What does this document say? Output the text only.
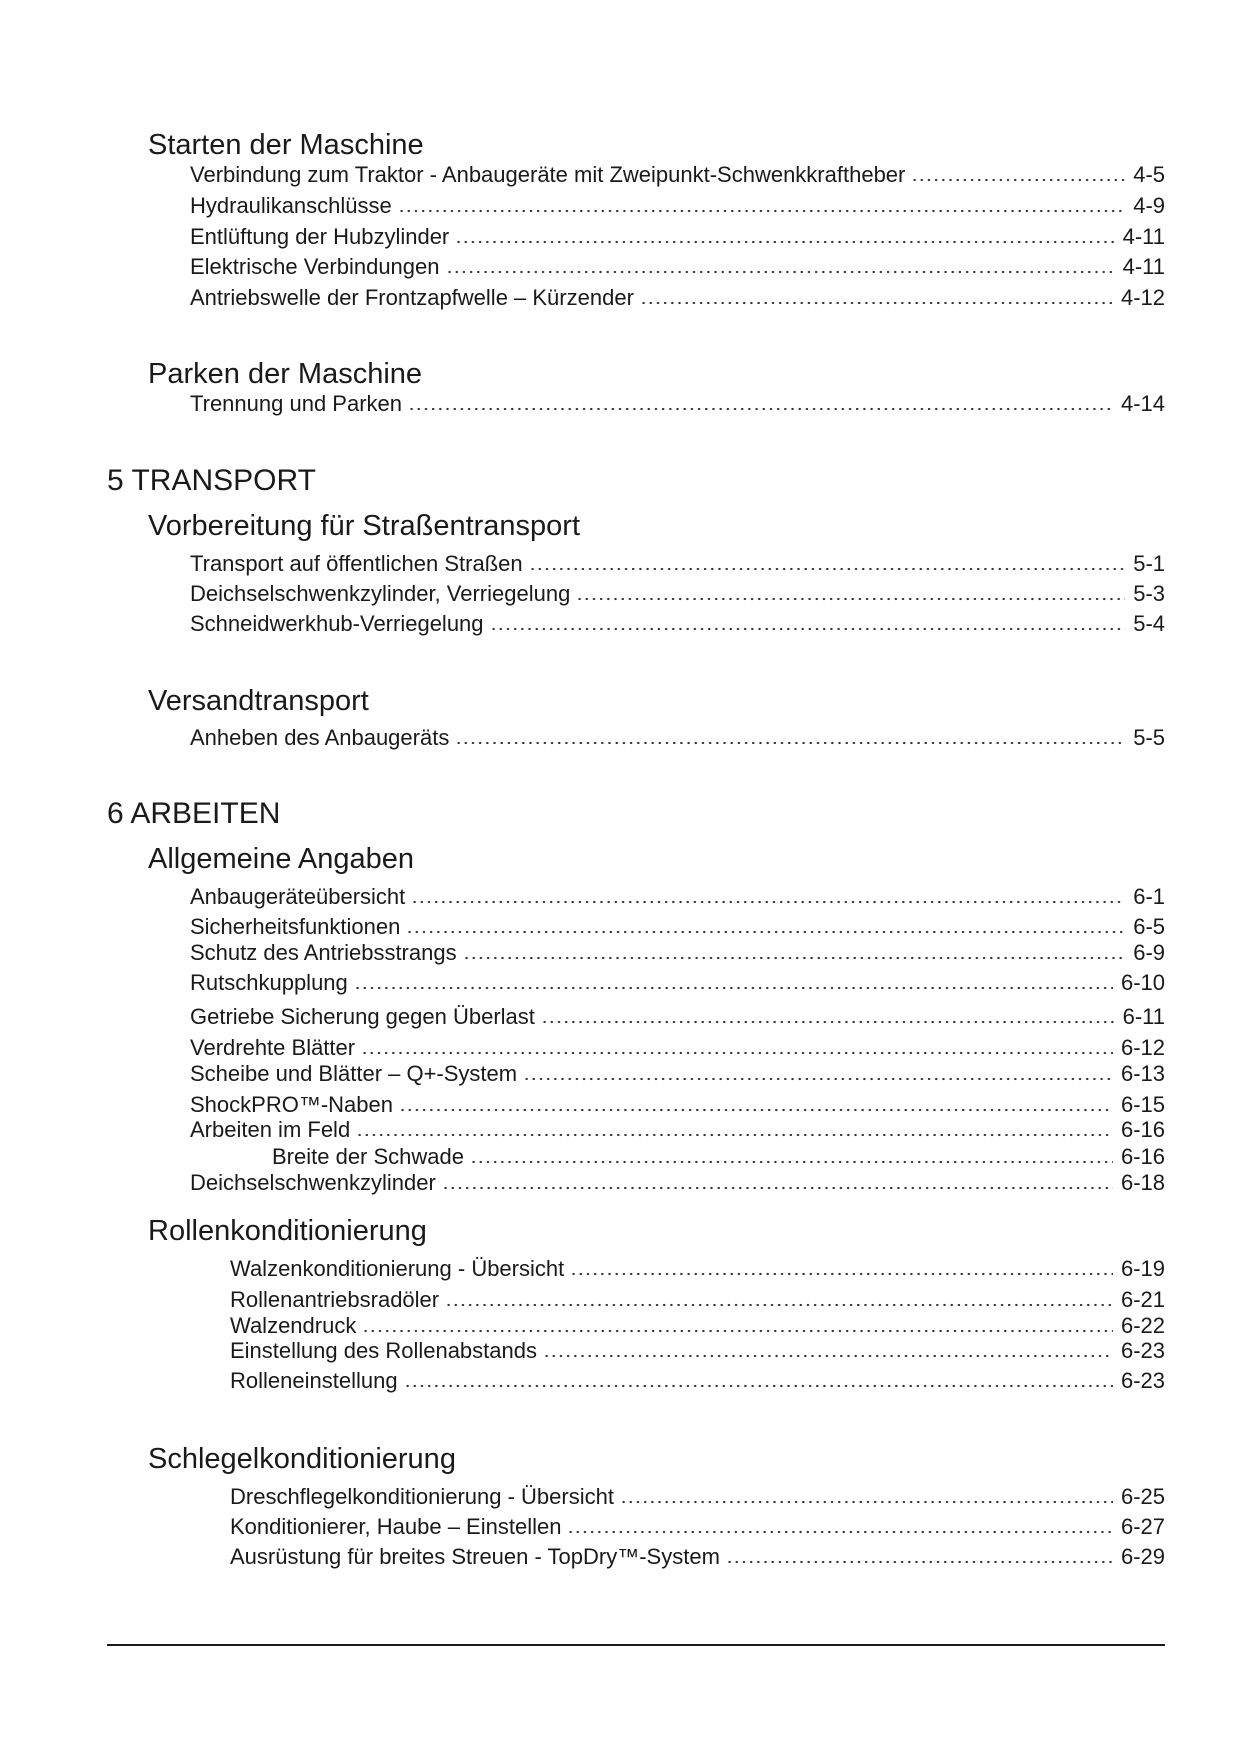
Starten der Maschine
Verbindung zum Traktor - Anbaugeräte mit Zweipunkt-Schwenkkraftheber	4-5
Hydraulikanschlüsse	4-9
Entlüftung der Hubzylinder	4-11
Elektrische Verbindungen	4-11
Antriebswelle der Frontzapfwelle – Kürzender	4-12
Parken der Maschine
Trennung und Parken	4-14
5 TRANSPORT
Vorbereitung für Straßentransport
Transport auf öffentlichen Straßen	5-1
Deichselschwenkzylinder, Verriegelung	5-3
Schneidwerkhub-Verriegelung	5-4
Versandtransport
Anheben des Anbaugeräts	5-5
6 ARBEITEN
Allgemeine Angaben
Anbaugeräteübersicht	6-1
Sicherheitsfunktionen	6-5
Schutz des Antriebsstrangs	6-9
Rutschkupplung	6-10
Getriebe Sicherung gegen Überlast	6-11
Verdrehte Blätter	6-12
Scheibe und Blätter – Q+-System	6-13
ShockPRO™-Naben	6-15
Arbeiten im Feld	6-16
Breite der Schwade	6-16
Deichselschwenkzylinder	6-18
Rollenkonditionierung
Walzenkonditionierung - Übersicht	6-19
Rollenantriebsradöler	6-21
Walzendruck	6-22
Einstellung des Rollenabstands	6-23
Rolleneinstellung	6-23
Schlegelkonditionierung
Dreschflegelkonditionierung - Übersicht	6-25
Konditionierer, Haube – Einstellen	6-27
Ausrüstung für breites Streuen - TopDry™-System	6-29
